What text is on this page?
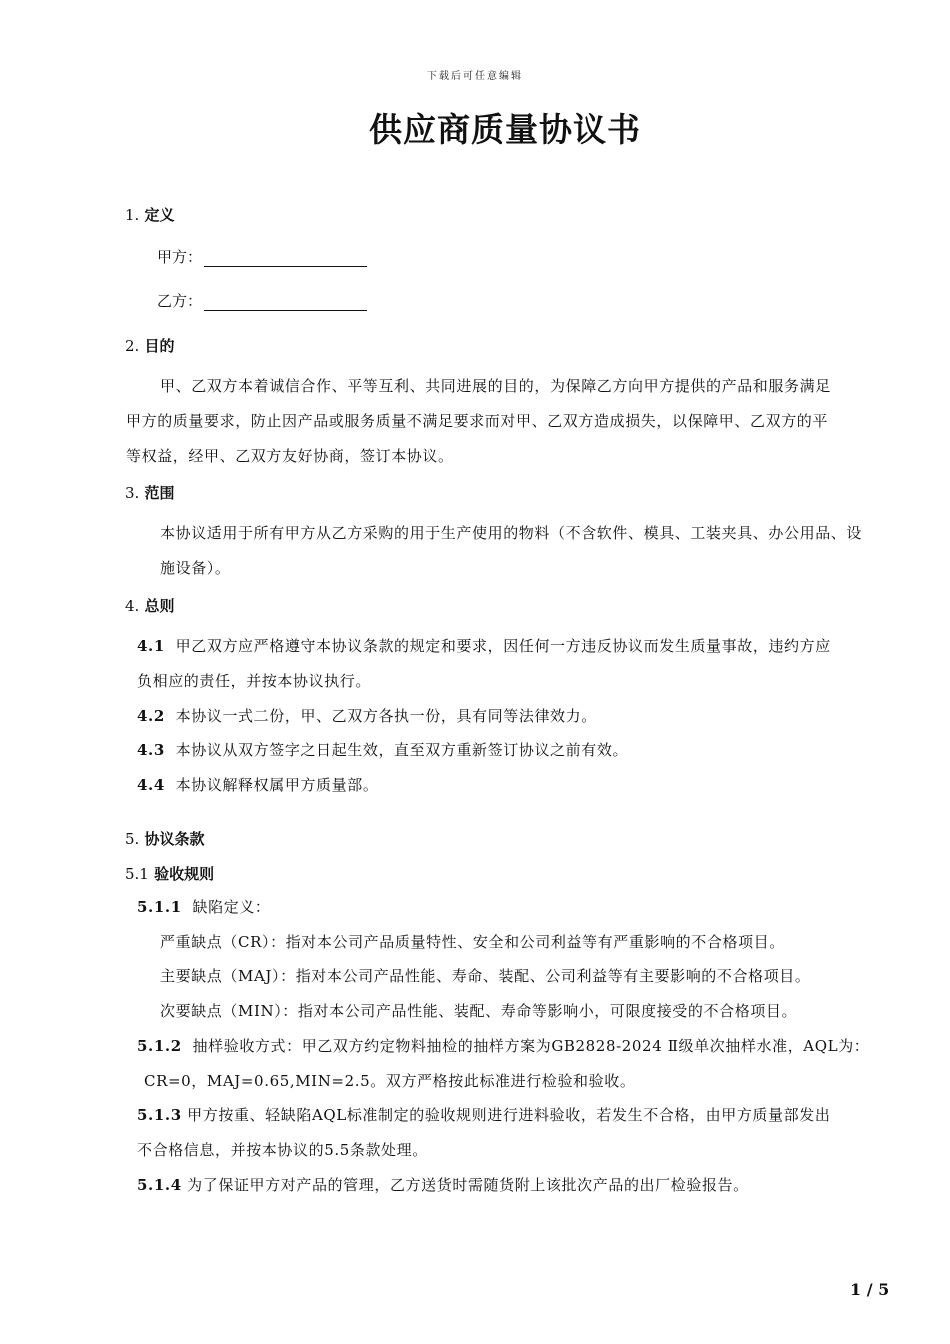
下载后可任意编辑
供应商质量协议书
1. 定义
甲方：
乙方：
2. 目的
甲、乙双方本着诚信合作、平等互利、共同进展的目的，为保障乙方向甲方提供的产品和服务满足
甲方的质量要求，防止因产品或服务质量不满足要求而对甲、乙双方造成损失，以保障甲、乙双方的平
等权益，经甲、乙双方友好协商，签订本协议。
3. 范围
本协议适用于所有甲方从乙方采购的用于生产使用的物料（不含软件、模具、工装夹具、办公用品、设
施设备）。
4. 总则
4.1 甲乙双方应严格遵守本协议条款的规定和要求，因任何一方违反协议而发生质量事故，违约方应
负相应的责任，并按本协议执行。
4.2 本协议一式二份，甲、乙双方各执一份，具有同等法律效力。
4.3 本协议从双方签字之日起生效，直至双方重新签订协议之前有效。
4.4 本协议解释权属甲方质量部。
5. 协议条款
5.1 验收规则
5.1.1 缺陷定义：
严重缺点（CR）：指对本公司产品质量特性、安全和公司利益等有严重影响的不合格项目。
主要缺点（MAJ）：指对本公司产品性能、寿命、装配、公司利益等有主要影响的不合格项目。
次要缺点（MIN）：指对本公司产品性能、装配、寿命等影响小，可限度接受的不合格项目。
5.1.2 抽样验收方式：甲乙双方约定物料抽检的抽样方案为GB2828-2024 Ⅱ级单次抽样水准，AQL为：
CR=0，MAJ=0.65,MIN=2.5。双方严格按此标准进行检验和验收。
5.1.3 甲方按重、轻缺陷AQL标准制定的验收规则进行进料验收，若发生不合格，由甲方质量部发出
不合格信息，并按本协议的5.5条款处理。
5.1.4 为了保证甲方对产品的管理，乙方送货时需随货附上该批次产品的出厂检验报告。
1 / 5
